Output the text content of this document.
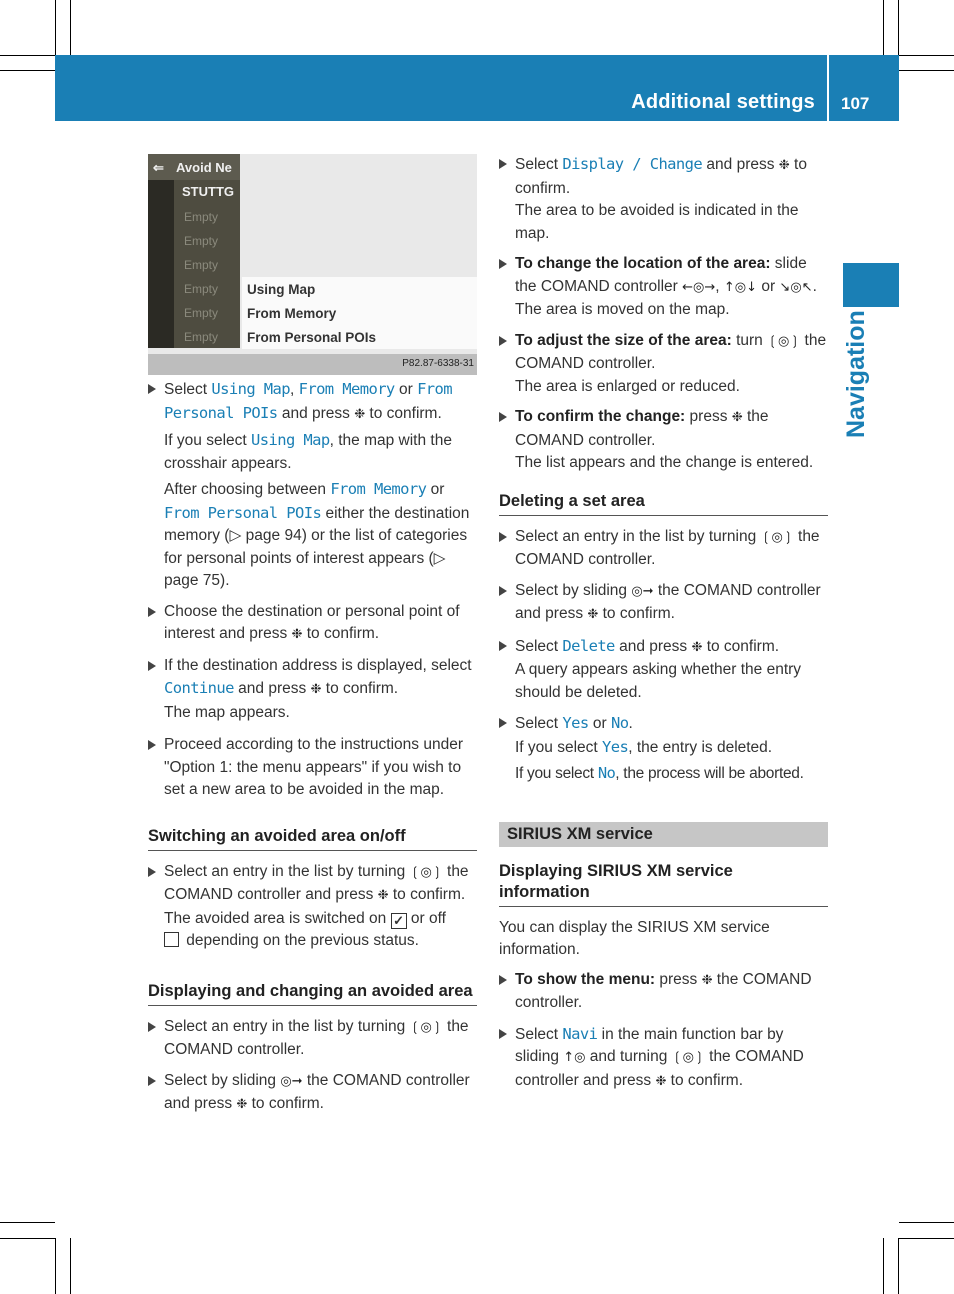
Additional settings 107
Navigation
⇐ Avoid Ne
STUTTG
Empty
Empty
Empty
Empty
Empty
Empty
Using Map
From Memory
From Personal POIs
P82.87-6338-31

Select Using Map, From Memory or From Personal POIs and press ❉ to confirm.

If you select Using Map, the map with the crosshair appears.

After choosing between From Memory or From Personal POIs either the destination memory (▷ page 94) or the list of categories for personal points of interest appears (▷ page 75).

Choose the destination or personal point of interest and press ❉ to confirm.

If the destination address is displayed, select Continue and press ❉ to confirm.

The map appears.

Proceed according to the instructions under "Option 1: the menu appears" if you wish to set a new area to be avoided in the map.

Switching an avoided area on/off

Select an entry in the list by turning ❲◎❳ the COMAND controller and press ❉ to confirm.

The avoided area is switched on ✓ or off
depending on the previous status.

Displaying and changing an avoided area

Select an entry in the list by turning ❲◎❳ the COMAND controller.

Select by sliding ◎➞ the COMAND controller and press ❉ to confirm.

Select Display / Change and press ❉ to confirm.

The area to be avoided is indicated in the map.

To change the location of the area: slide the COMAND controller ←◎→, ↑◎↓ or ↘◎↖.

The area is moved on the map.

To adjust the size of the area: turn ❲◎❳ the COMAND controller.

The area is enlarged or reduced.

To confirm the change: press ❉ the COMAND controller.

The list appears and the change is entered.

Deleting a set area

Select an entry in the list by turning ❲◎❳ the COMAND controller.

Select by sliding ◎➞ the COMAND controller and press ❉ to confirm.

Select Delete and press ❉ to confirm.

A query appears asking whether the entry should be deleted.

Select Yes or No.

If you select Yes, the entry is deleted.

If you select No, the process will be aborted.

SIRIUS XM service
Displaying SIRIUS XM service information

You can display the SIRIUS XM service information.

To show the menu: press ❉ the COMAND controller.

Select Navi in the main function bar by sliding ↑◎ and turning ❲◎❳ the COMAND controller and press ❉ to confirm.
